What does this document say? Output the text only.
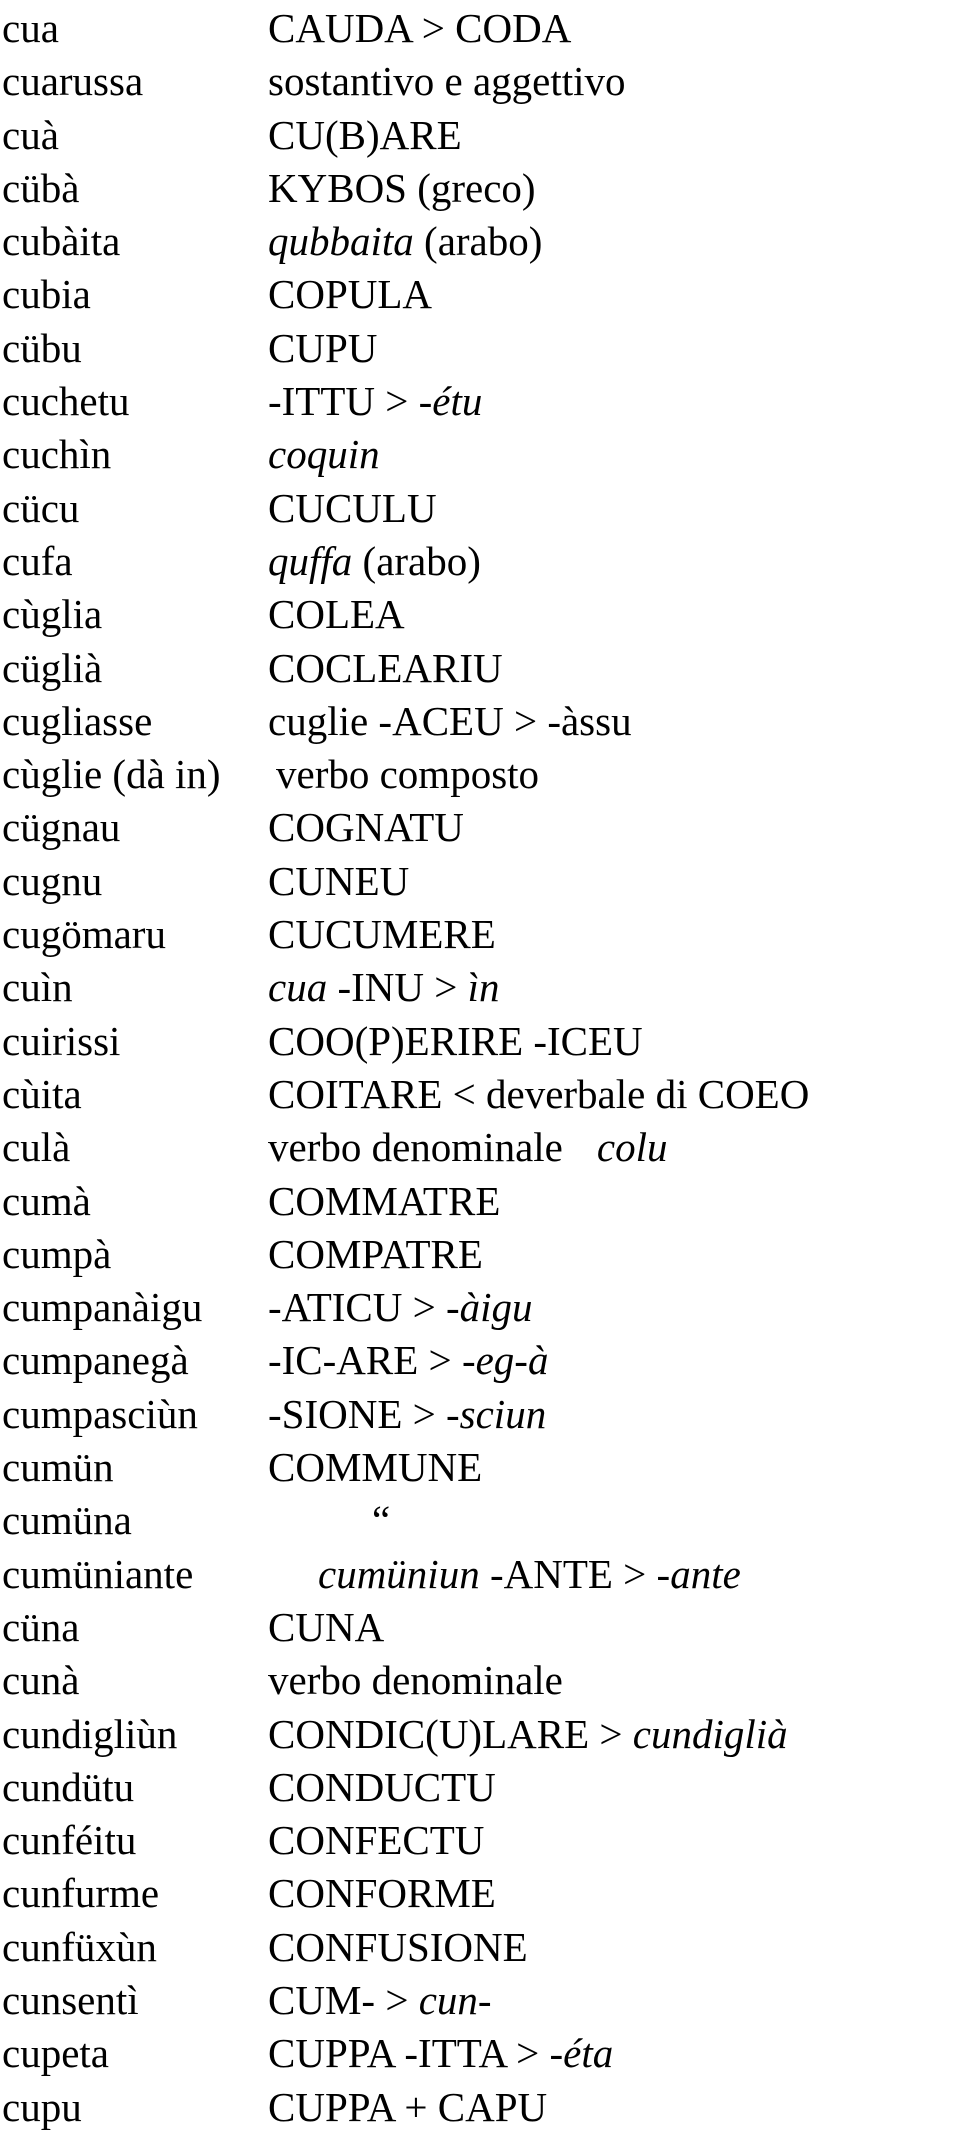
cua	CAUDA > CODA
cuarussa	sostantivo e aggettivo
cuà	CU(B)ARE
cübà	KYBOS (greco)
cubàita	qubbaita (arabo)
cubia	COPULA
cübu	CUPU
cuchetu	-ITTU > -étu
cuchìn	coquin
cücu	CUCULU
cufa	quffa (arabo)
cùglia	COLEA
cüglià	COCLEARIU
cugliasse	cuglie -ACEU > -àssu
cùglie (dà in) verbo composto
cügnau	COGNATU
cugnu	CUNEU
cugömaru CUCUMERE
cuìn	cua -INU > ìn
cuirissi	COO(P)ERIRE -ICEU
cùita	COITARE < deverbale di COEO
culà	verbo denominale colu
cumà	COMMATRE
cumpà	COMPATRE
cumpanàigu -ATICU > -àigu
cumpanegà -IC-ARE > -eg-à
cumpasciùn -SIONE > -sciun
cumün	COMMUNE
cumüna	“
cumüniante	cumüniun -ANTE > -ante
cüna	CUNA
cunà	verbo denominale
cundigliùn CONDIC(U)LARE > cundiglià
cundütu	CONDUCTU
cunféitu	CONFECTU
cunfurme	CONFORME
cunfüxùn	CONFUSIONE
cunsentì	CUM- > cun-
cupeta	CUPPA -ITTA > -éta
cupu	CUPPA + CAPU
